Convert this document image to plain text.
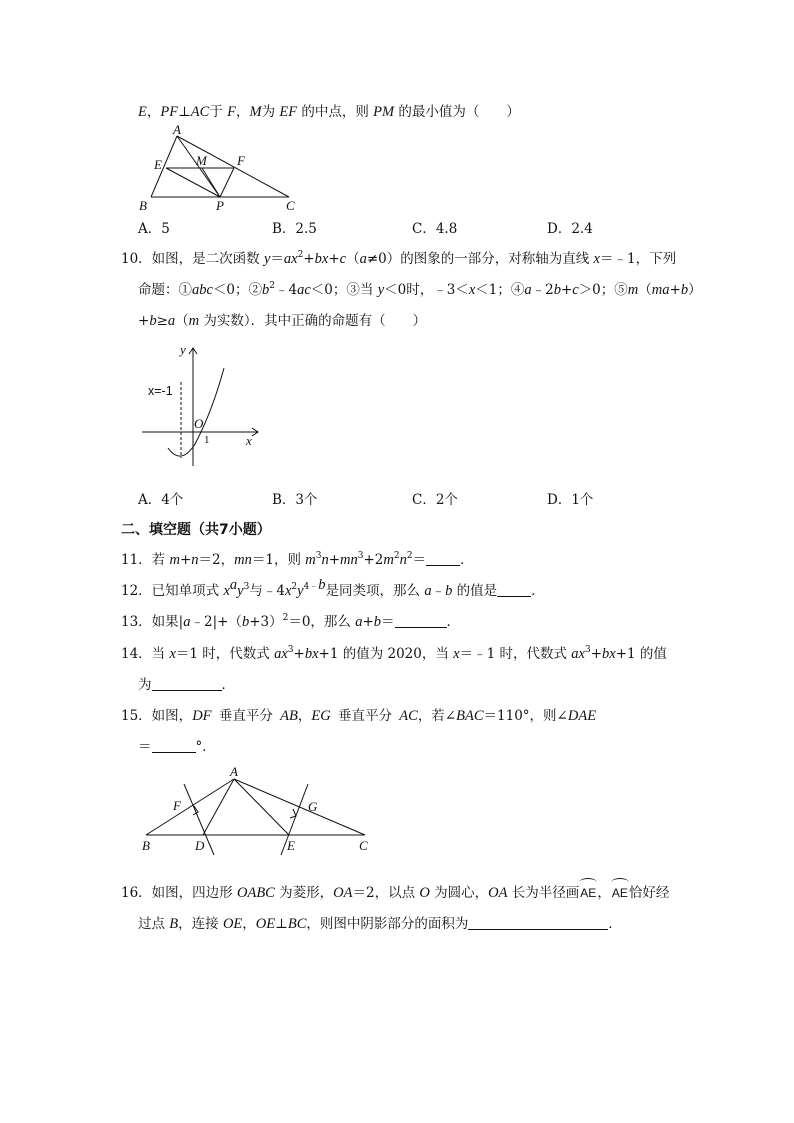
E，PF⊥AC于 F，M为 EF 的中点，则 PM 的最小值为（　　）
A
E	M F
B	P	C
A．5	B．2.5	C．4.8	D．2.4
10．如图，是二次函数 $y=ax^2+bx+c(a\ne 0)$的图象的一部分，对称轴为直线 x＝﹣1，下列
命题：①abc＜0；$②b^2﹣4ac<0$；③当 y＜0时，﹣3＜x＜1；④a﹣2b+c＞0；⑤m（ma+b）
+b≥a（m 为实数）．其中正确的命题有（　　）
y
x=-1
O
1	x
A．4个	B．3个	C．2个	D．1个
二、填空题（共7小题）
11．若 m+n＝2，mn＝1，则 $m^3n+mn^3+2m^2n^2=$	．
12．已知单项式 $x^ay^3$与$﹣4x^2y^{4﹣b}$是同类项，那么 a﹣b 的值是	．
13．如果$|a﹣2|+(b+3)^2=0$，那么 a+b＝	．
14．当 x＝1 时，代数式 $ax^3+bx+1$ 的值为 2020，当 x＝﹣1 时，代数式 $ax^3+bx+1$ 的值
为	．
15．如图，DF 垂直平分 AB，EG 垂直平分 AC，若∠BAC＝110°，则∠DAE
＝	°．
A
F	G
B	D	E	C
16．如图，四边形 OABC 为菱形，OA＝2，以点 O 为圆心，OA 长为半径画AE，AE恰好经
过点 B，连接 OE，OE⊥BC，则图中阴影部分的面积为	．
